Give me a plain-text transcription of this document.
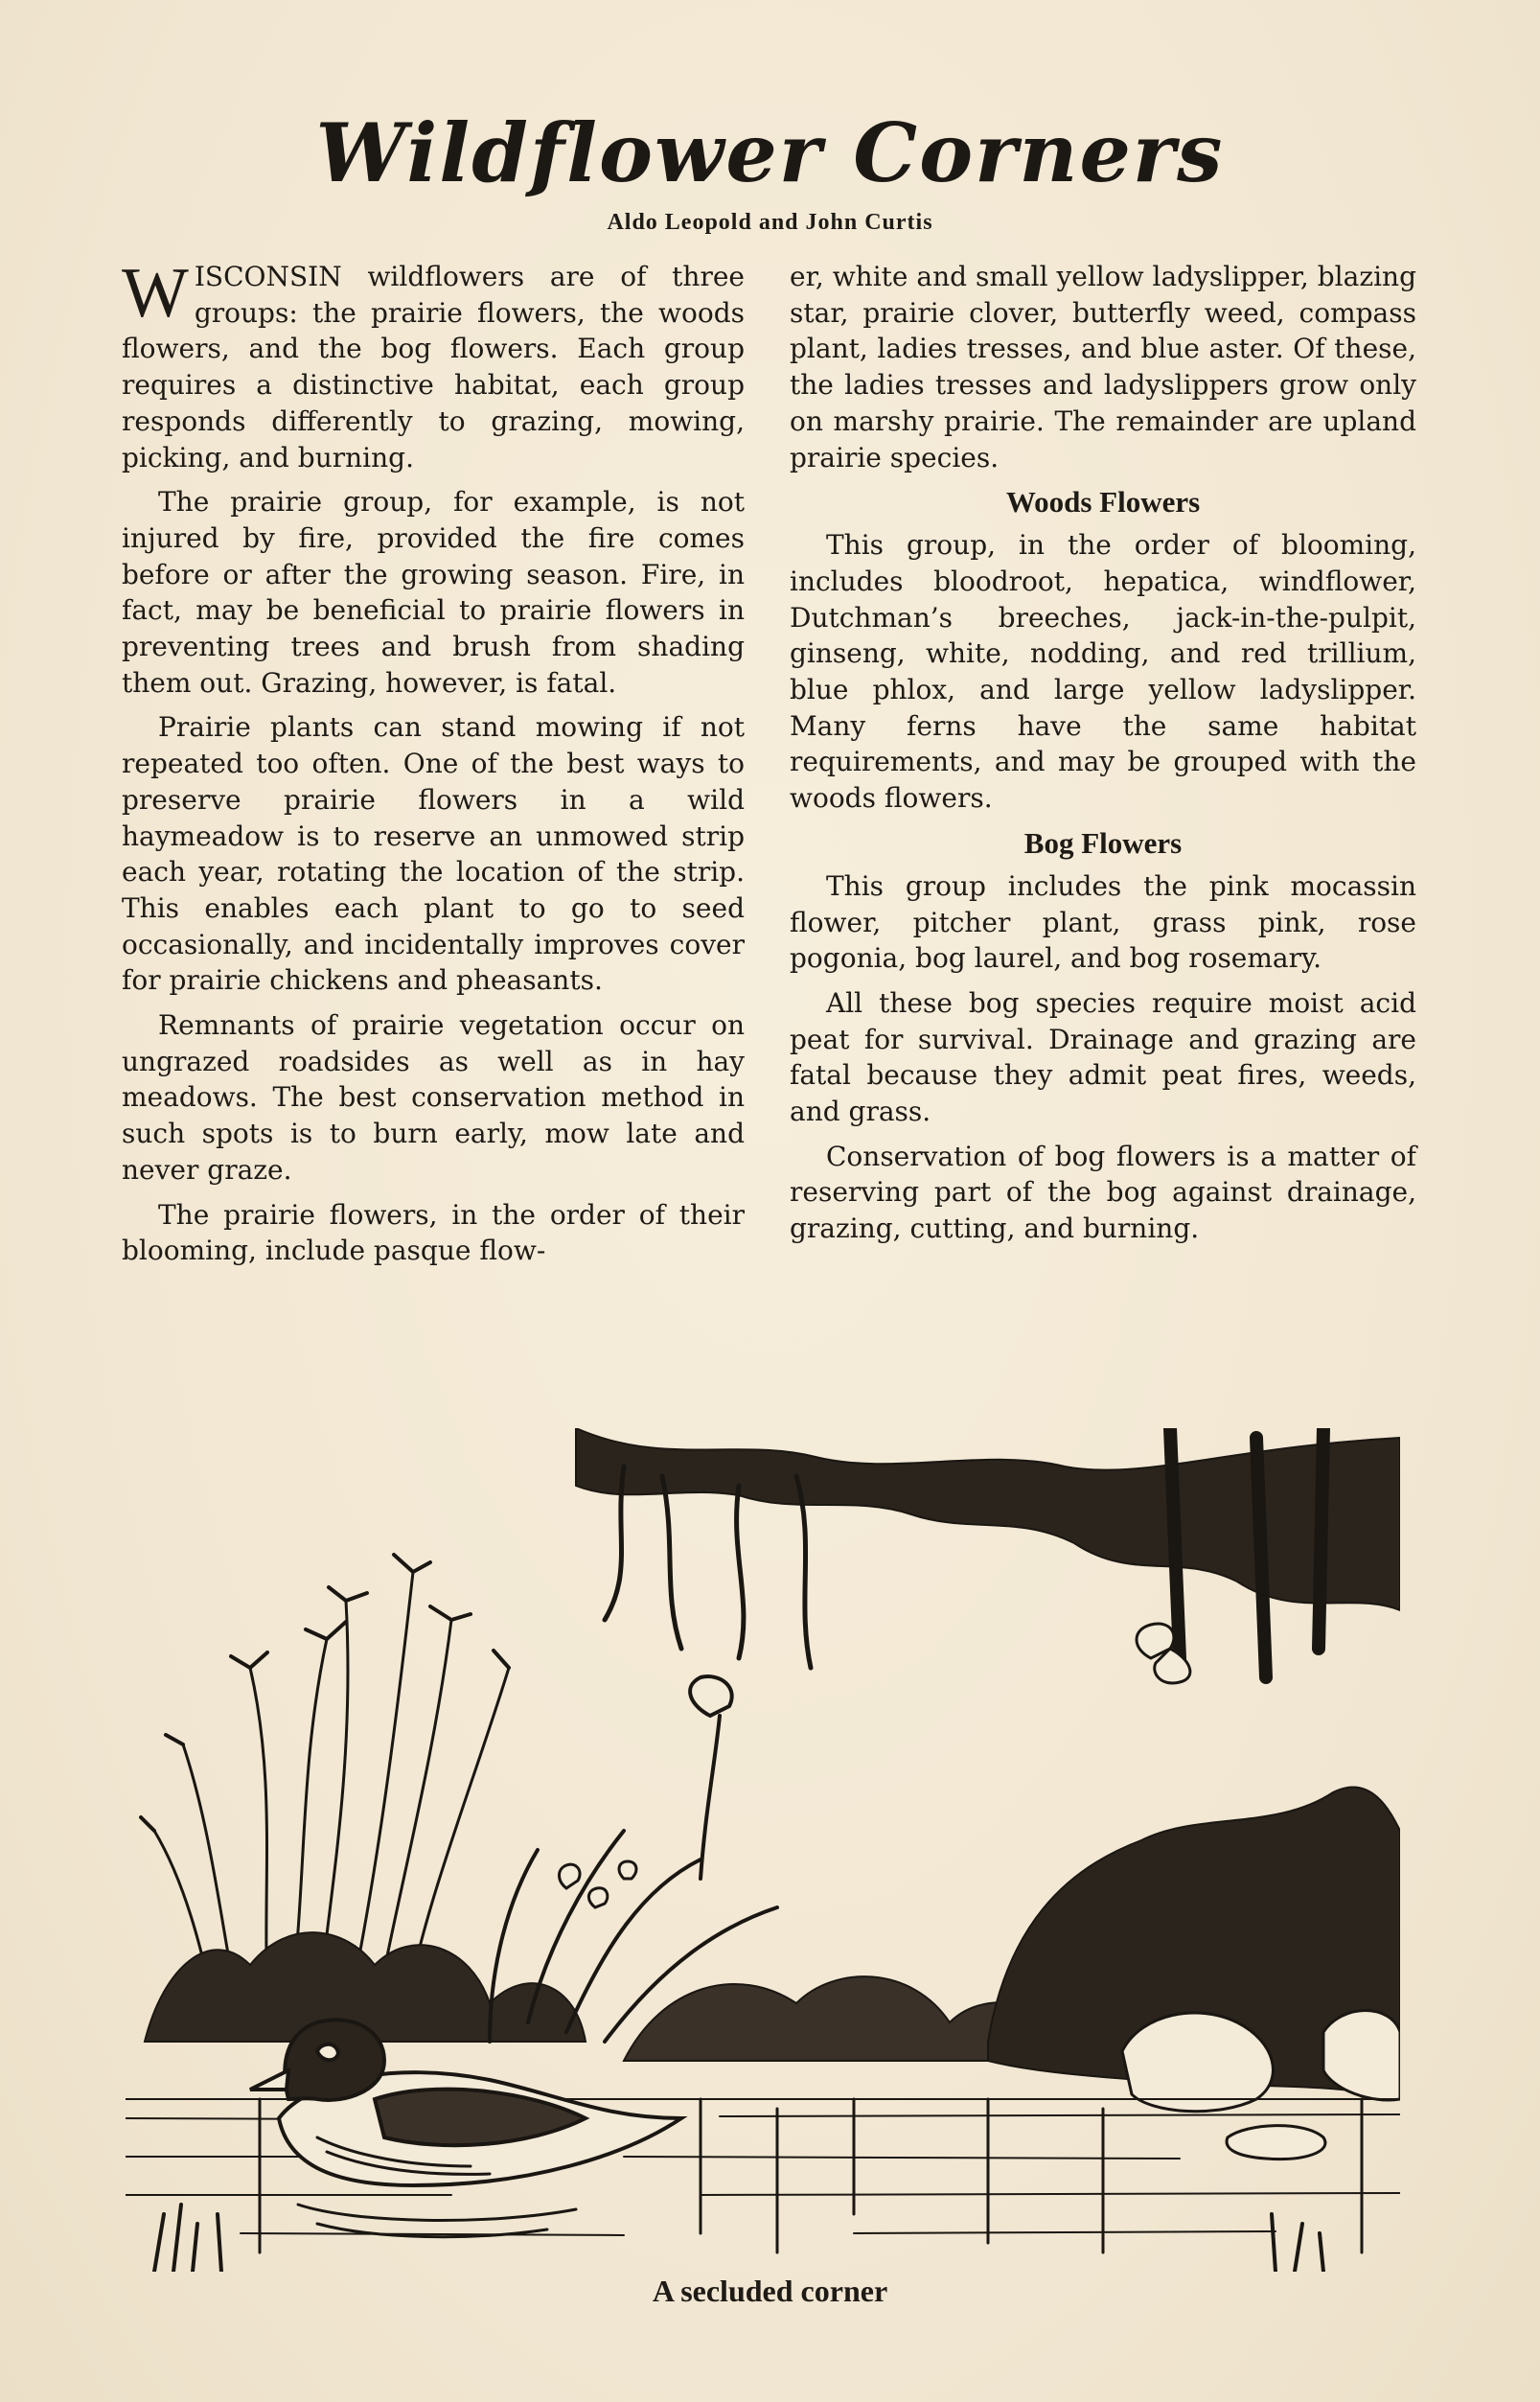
Wildflower Corners
Aldo Leopold and John Curtis

WISCONSIN wildflowers are of three groups: the prairie flowers, the woods flowers, and the bog flowers. Each group requires a distinctive habitat, each group responds differently to grazing, mowing, picking, and burning.

The prairie group, for example, is not injured by fire, provided the fire comes before or after the growing season. Fire, in fact, may be beneficial to prairie flowers in preventing trees and brush from shading them out. Grazing, however, is fatal.

Prairie plants can stand mowing if not repeated too often. One of the best ways to preserve prairie flowers in a wild haymeadow is to reserve an unmowed strip each year, rotating the location of the strip. This enables each plant to go to seed occasionally, and incidentally improves cover for prairie chickens and pheasants.

Remnants of prairie vegetation occur on ungrazed roadsides as well as in hay meadows. The best conservation method in such spots is to burn early, mow late and never graze.

The prairie flowers, in the order of their blooming, include pasque flow-

er, white and small yellow ladyslipper, blazing star, prairie clover, butterfly weed, compass plant, ladies tresses, and blue aster. Of these, the ladies tresses and ladyslippers grow only on marshy prairie. The remainder are upland prairie species.

Woods Flowers

This group, in the order of blooming, includes bloodroot, hepatica, windflower, Dutchman’s breeches, jack-in-the-pulpit, ginseng, white, nodding, and red trillium, blue phlox, and large yellow ladyslipper. Many ferns have the same habitat requirements, and may be grouped with the woods flowers.

Bog Flowers

This group includes the pink mocassin flower, pitcher plant, grass pink, rose pogonia, bog laurel, and bog rosemary.

All these bog species require moist acid peat for survival. Drainage and grazing are fatal because they admit peat fires, weeds, and grass.

Conservation of bog flowers is a matter of reserving part of the bog against drainage, grazing, cutting, and burning.

A secluded corner
